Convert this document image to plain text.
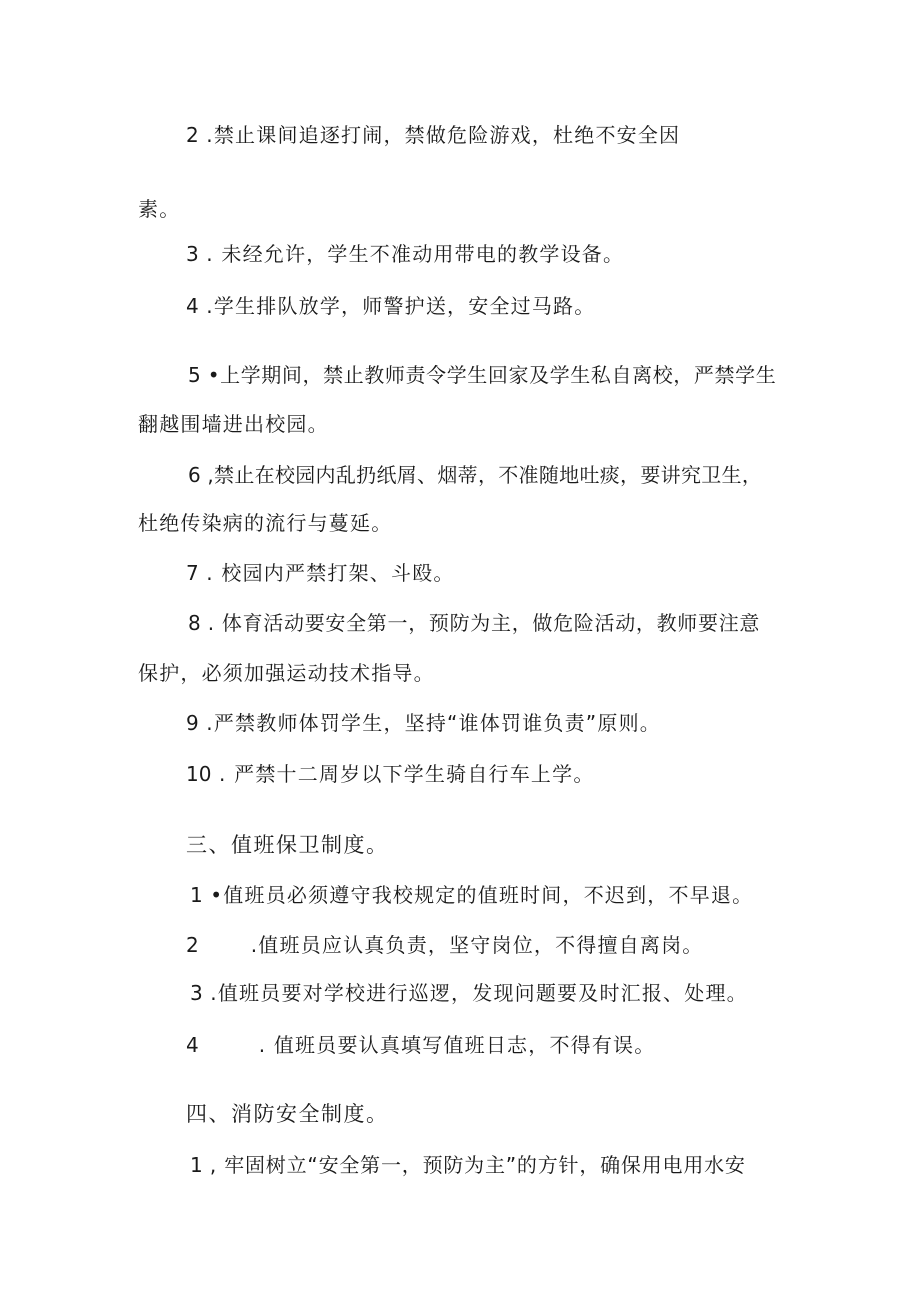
2 .禁止课间追逐打闹，禁做危险游戏，杜绝不安全因
素。
3 . 未经允许，学生不准动用带电的教学设备。
4 .学生排队放学，师警护送，安全过马路。
5 •上学期间，禁止教师责令学生回家及学生私自离校，严禁学生
翻越围墙进出校园。
6 ,禁止在校园内乱扔纸屑、烟蒂，不准随地吐痰，要讲究卫生，
杜绝传染病的流行与蔓延。
7 . 校园内严禁打架、斗殴。
8 . 体育活动要安全第一，预防为主，做危险活动，教师要注意
保护，必须加强运动技术指导。
9 .严禁教师体罚学生，坚持“谁体罚谁负责”原则。
10 . 严禁十二周岁以下学生骑自行车上学。
三、值班保卫制度。
1 •值班员必须遵守我校规定的值班时间，不迟到，不早退。
2	.值班员应认真负责，坚守岗位，不得擅自离岗。
3 .值班员要对学校进行巡逻，发现问题要及时汇报、处理。
4	. 值班员要认真填写值班日志，不得有误。
四、消防安全制度。
1 , 牢固树立“安全第一，预防为主”的方针，确保用电用水安
